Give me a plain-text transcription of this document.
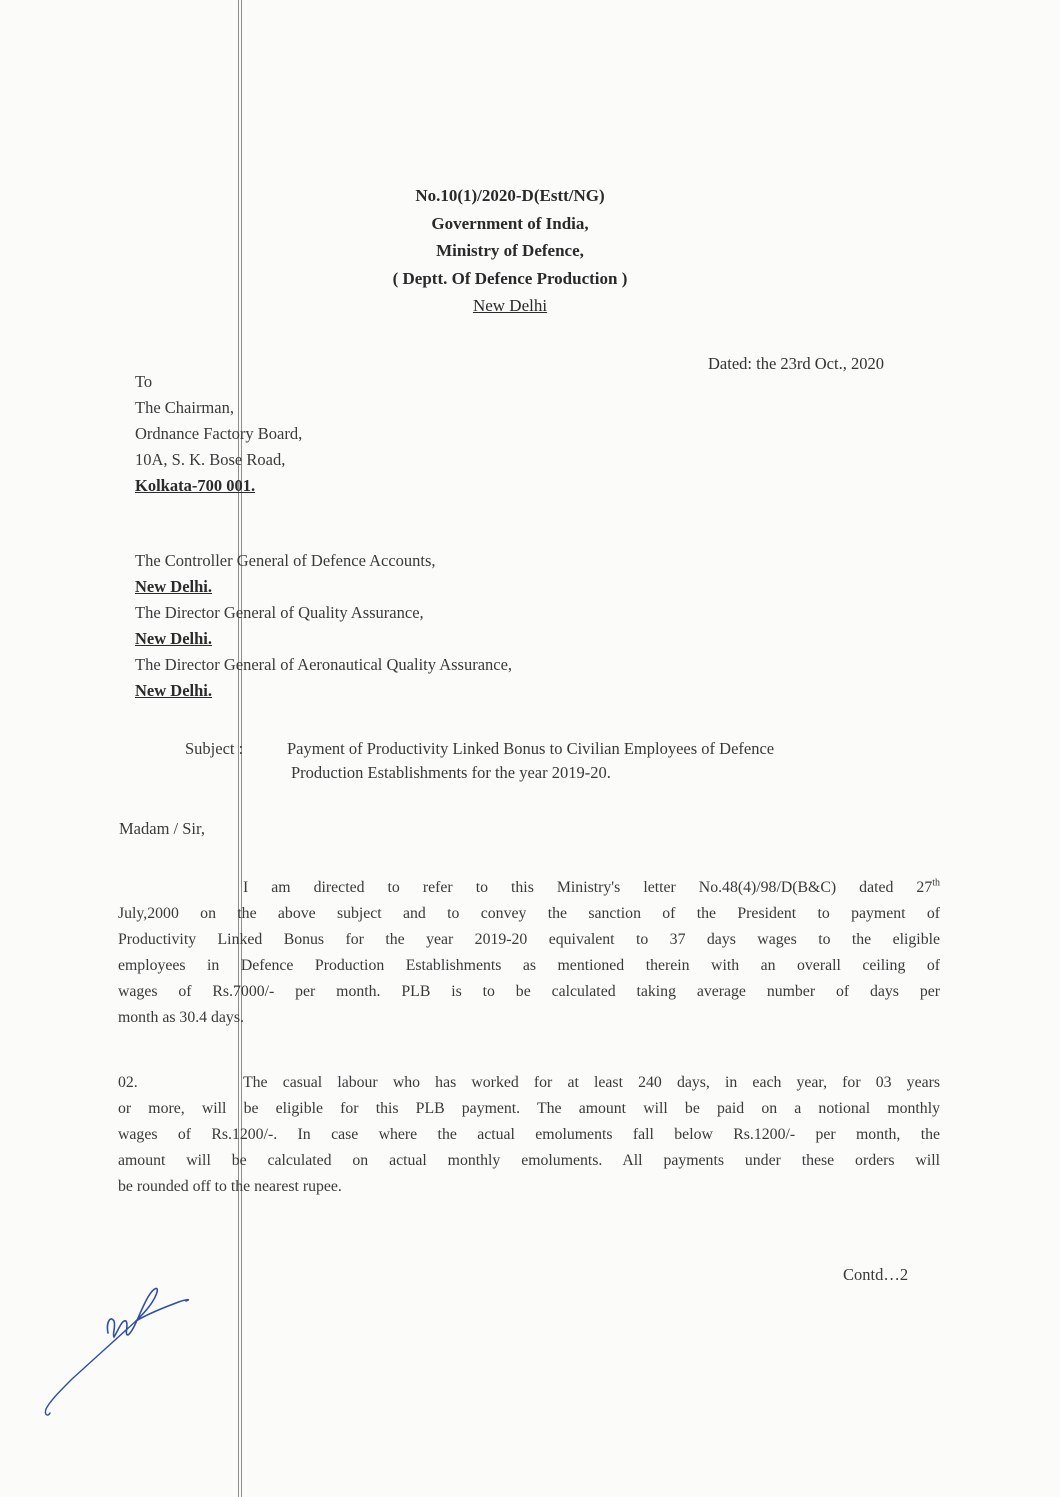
No.10(1)/2020-D(Estt/NG)
Government of India,
Ministry of Defence,
( Deptt. Of Defence Production )
New Delhi
Dated: the 23rd Oct., 2020
To
The Chairman,
Ordnance Factory Board,
10A, S. K. Bose Road,
Kolkata-700 001.
The Controller General of Defence Accounts,
New Delhi.
The Director General of Quality Assurance,
New Delhi.
The Director General of Aeronautical Quality Assurance,
New Delhi.
Subject :	Payment of Productivity Linked Bonus to Civilian Employees of Defence
Production Establishments for the year 2019-20.
Madam / Sir,
I am directed to refer to this Ministry's letter No.48(4)/98/D(B&C) dated 27th
July,2000 on the above subject and to convey the sanction of the President to payment of
Productivity Linked Bonus for the year 2019-20 equivalent to 37 days wages to the eligible
employees in Defence Production Establishments as mentioned therein with an overall ceiling of
wages of Rs.7000/- per month. PLB is to be calculated taking average number of days per
month as 30.4 days.
02.	The casual labour who has worked for at least 240 days, in each year, for 03 years
or more, will be eligible for this PLB payment. The amount will be paid on a notional monthly
wages of Rs.1200/-. In case where the actual emoluments fall below Rs.1200/- per month, the
amount will be calculated on actual monthly emoluments. All payments under these orders will
be rounded off to the nearest rupee.
Contd…2
